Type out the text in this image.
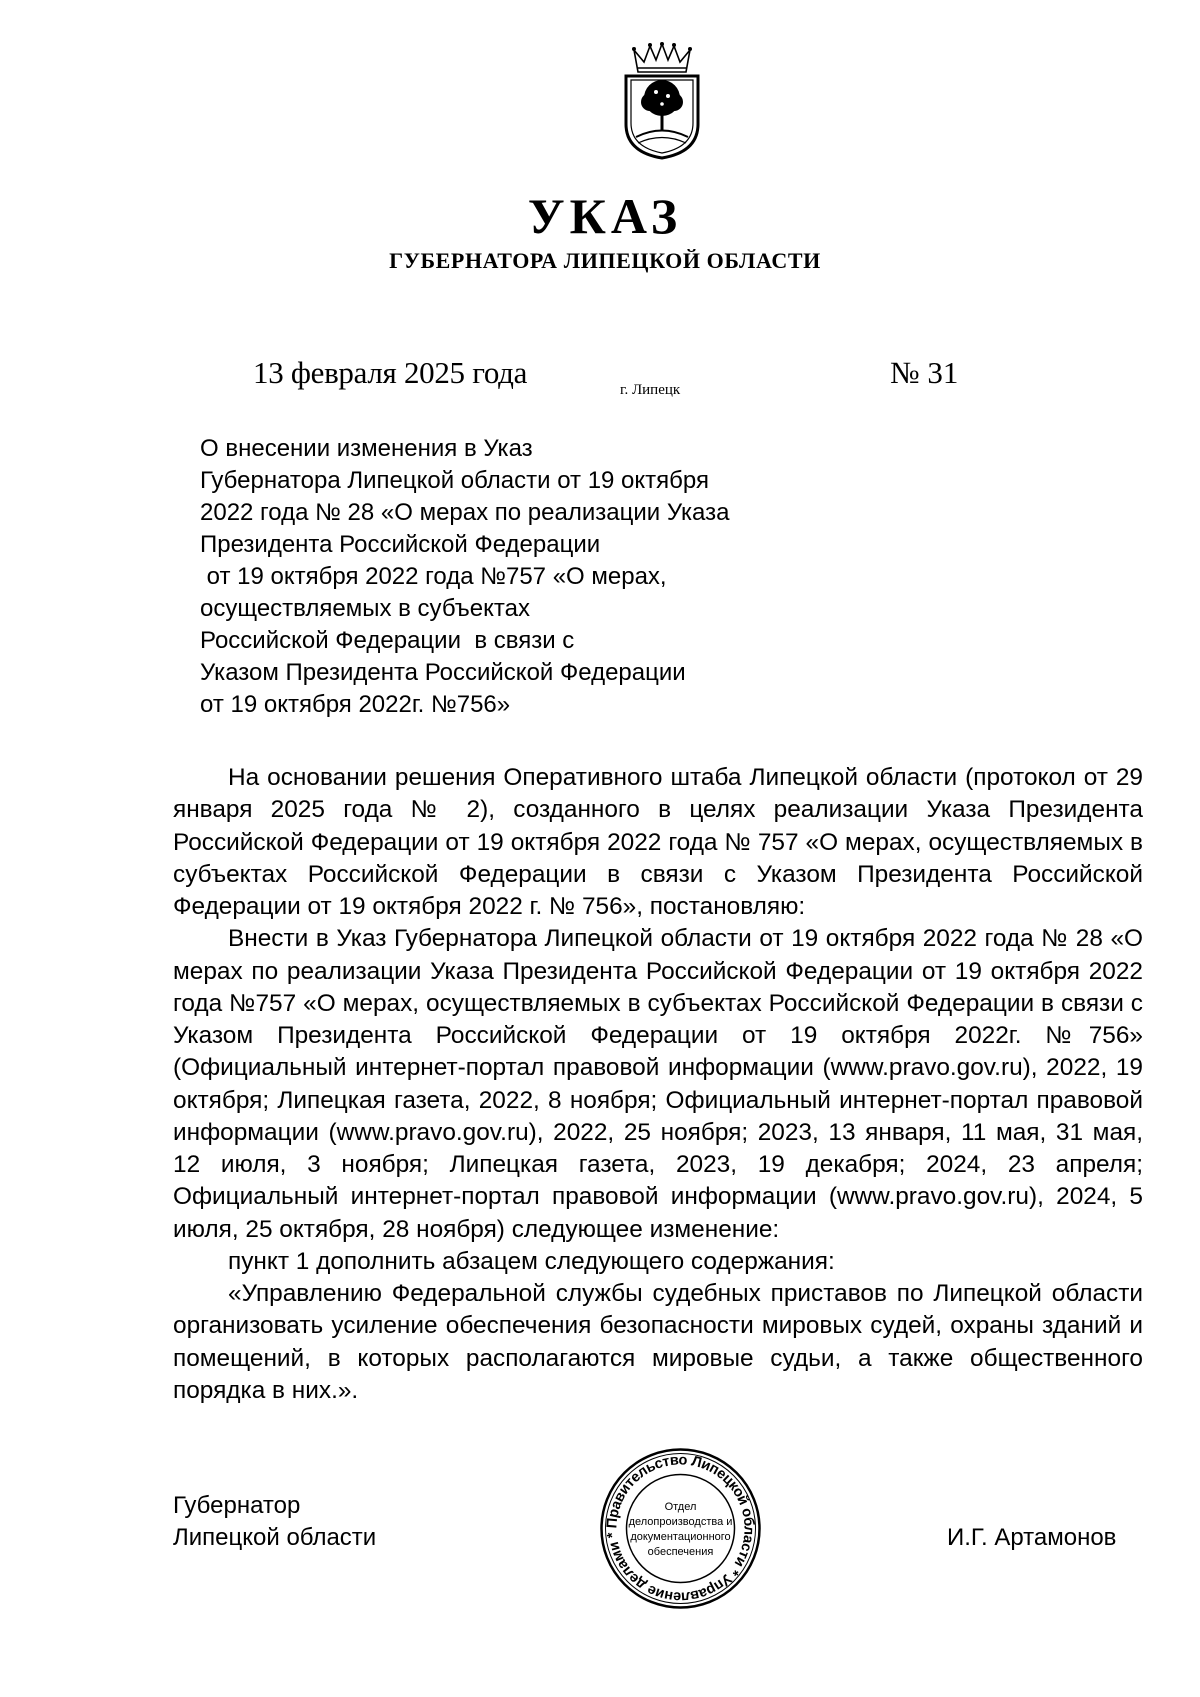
УКАЗ
ГУБЕРНАТОРА ЛИПЕЦКОЙ ОБЛАСТИ
13 февраля 2025 года	г. Липецк	№ 31
О внесении изменения в Указ
Губернатора Липецкой области от 19 октября
2022 года № 28 «О мерах по реализации Указа
Президента Российской Федерации
от 19 октября 2022 года №757 «О мерах,
осуществляемых в субъектах
Российской Федерации  в связи с
Указом Президента Российской Федерации
от 19 октября 2022г. №756»

На основании решения Оперативного штаба Липецкой области (протокол от 29 января 2025 года № 2), созданного в целях реализации Указа Президента Российской Федерации от 19 октября 2022 года № 757 «О мерах, осуществляемых в субъектах Российской Федерации в связи с Указом Президента Российской Федерации от 19 октября 2022 г. № 756», постановляю:

Внести в Указ Губернатора Липецкой области от 19 октября 2022 года № 28 «О мерах по реализации Указа Президента Российской Федерации от 19 октября 2022 года №757 «О мерах, осуществляемых в субъектах Российской Федерации в связи с Указом Президента Российской Федерации от 19 октября 2022г. №756» (Официальный интернет-портал правовой информации (www.pravo.gov.ru), 2022, 19 октября; Липецкая газета, 2022, 8 ноября; Официальный интернет-портал правовой информации (www.pravo.gov.ru), 2022, 25 ноября; 2023, 13 января, 11 мая, 31 мая, 12 июля, 3 ноября; Липецкая газета, 2023, 19 декабря; 2024, 23 апреля; Официальный интернет-портал правовой информации (www.pravo.gov.ru), 2024, 5 июля, 25 октября, 28 ноября) следующее изменение:

пункт 1 дополнить абзацем следующего содержания:

«Управлению Федеральной службы судебных приставов по Липецкой области организовать усиление обеспечения безопасности мировых судей, охраны зданий и помещений, в которых располагаются мировые судьи, а также общественного порядка в них.».

Губернатор
Липецкой области	И.Г. Артамонов
Правительство Липецкой области * Управление делами *
Отдел
делопроизводства и
документационного
обеспечения
